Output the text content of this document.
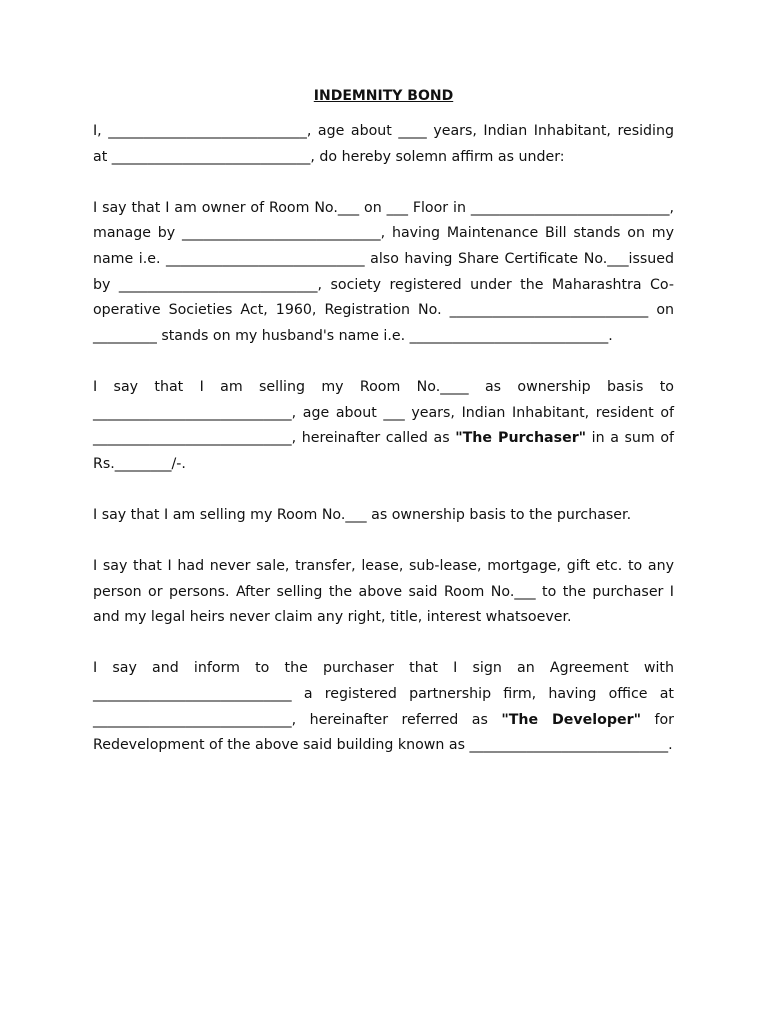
INDEMNITY BOND

I, ____________________________, age about ____ years, Indian Inhabitant, residing at ____________________________, do hereby solemn affirm as under:

I say that I am owner of Room No.___ on ___ Floor in ____________________________, manage by ____________________________, having Maintenance Bill stands on my name i.e. ____________________________ also having Share Certificate No.___issued by ____________________________, society registered under the Maharashtra Co-operative Societies Act, 1960, Registration No. ____________________________ on _________ stands on my husband's name i.e. ____________________________.

I say that I am selling my Room No.____ as ownership basis to ____________________________, age about ___ years, Indian Inhabitant, resident of ____________________________, hereinafter called as "The Purchaser" in a sum of Rs.________/-.

I say that I am selling my Room No.___ as ownership basis to the purchaser.

I say that I had never sale, transfer, lease, sub-lease, mortgage, gift etc. to any person or persons. After selling the above said Room No.___ to the purchaser I and my legal heirs never claim any right, title, interest whatsoever.

I say and inform to the purchaser that I sign an Agreement with ____________________________ a registered partnership firm, having office at ____________________________, hereinafter referred as "The Developer" for Redevelopment of the above said building known as ____________________________.
